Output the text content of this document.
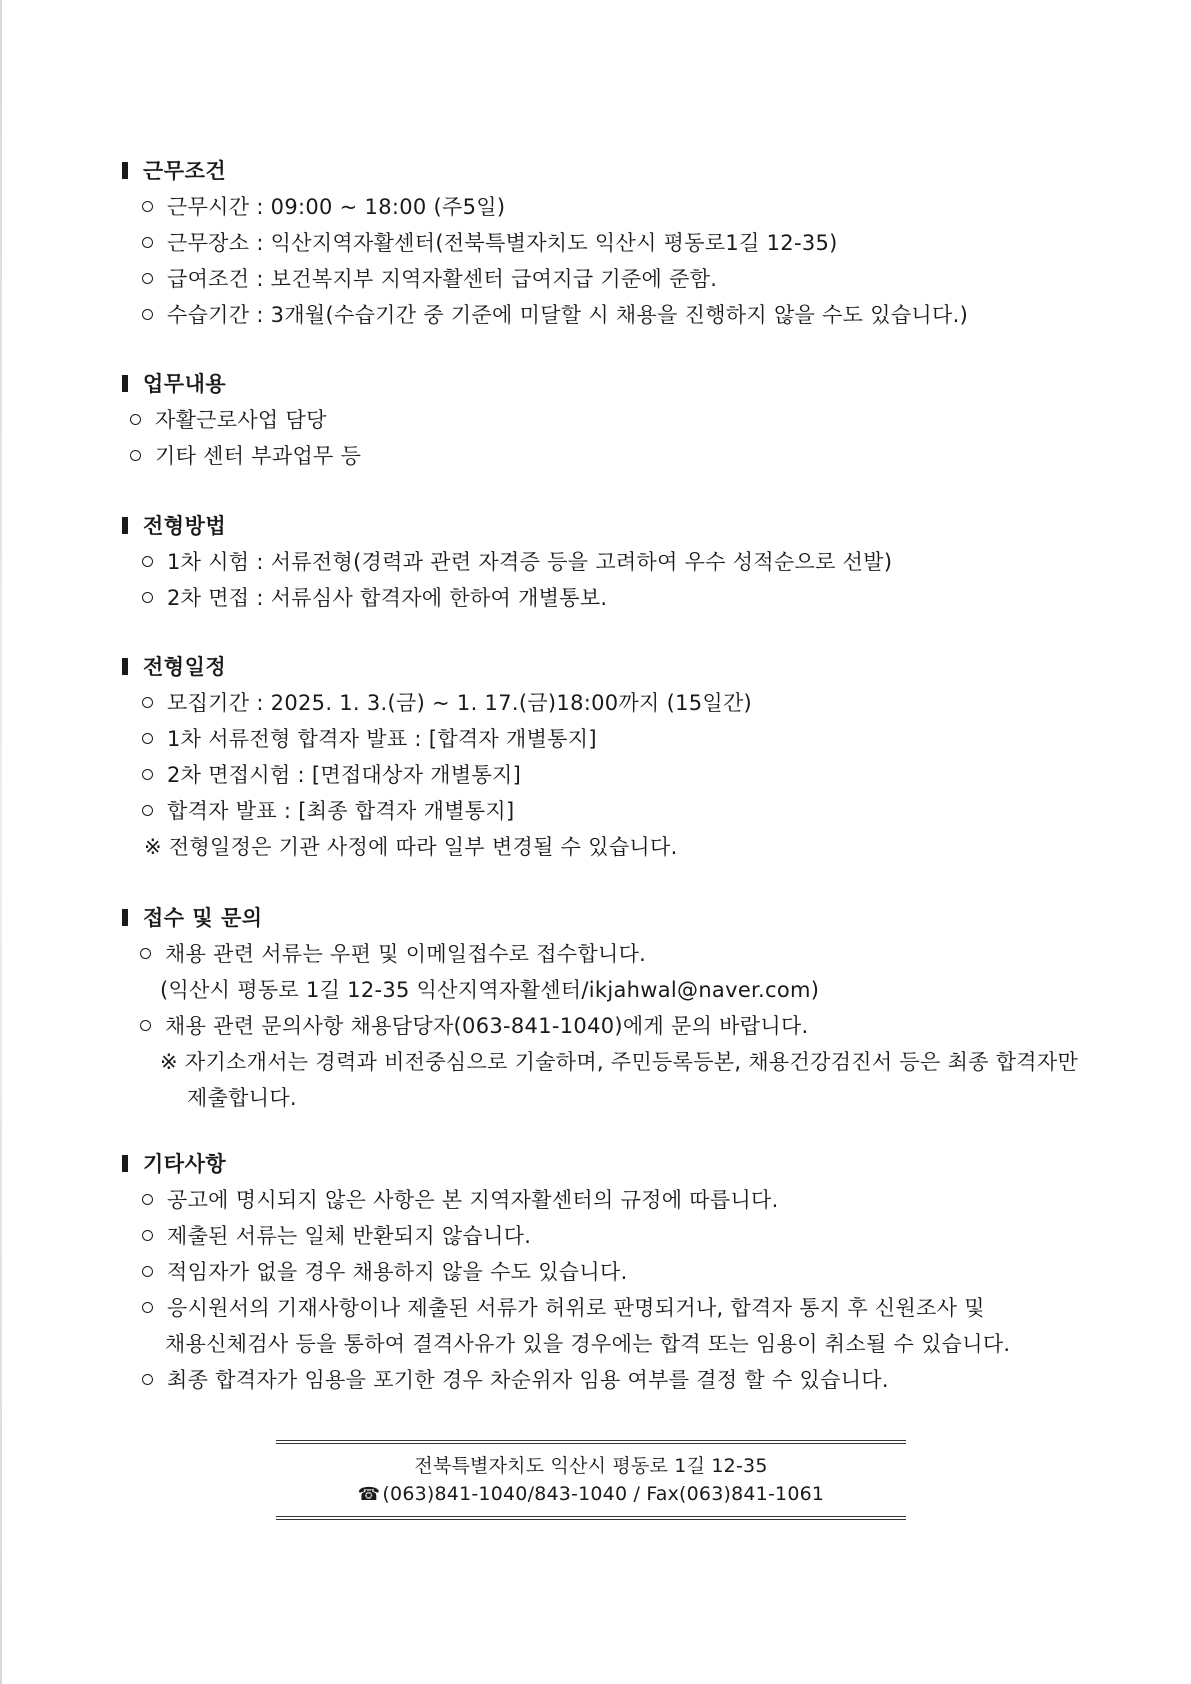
근무조건
근무시간 : 09:00 ~ 18:00 (주5일)
근무장소 : 익산지역자활센터(전북특별자치도 익산시 평동로1길 12-35)
급여조건 : 보건복지부 지역자활센터 급여지급 기준에 준함.
수습기간 : 3개월(수습기간 중 기준에 미달할 시 채용을 진행하지 않을 수도 있습니다.)
업무내용
자활근로사업 담당
기타 센터 부과업무 등
전형방법
1차 시험 : 서류전형(경력과 관련 자격증 등을 고려하여 우수 성적순으로 선발)
2차 면접 : 서류심사 합격자에 한하여 개별통보.
전형일정
모집기간 : 2025. 1. 3.(금) ~ 1. 17.(금)18:00까지 (15일간)
1차 서류전형 합격자 발표 : [합격자 개별통지]
2차 면접시험 : [면접대상자 개별통지]
합격자 발표 : [최종 합격자 개별통지]
※ 전형일정은 기관 사정에 따라 일부 변경될 수 있습니다.
접수 및 문의
채용 관련 서류는 우편 및 이메일접수로 접수합니다.
(익산시 평동로 1길 12-35 익산지역자활센터/ikjahwal@naver.com)
채용 관련 문의사항 채용담당자(063-841-1040)에게 문의 바랍니다.
※ 자기소개서는 경력과 비전중심으로 기술하며, 주민등록등본, 채용건강검진서 등은 최종 합격자만
제출합니다.
기타사항
공고에 명시되지 않은 사항은 본 지역자활센터의 규정에 따릅니다.
제출된 서류는 일체 반환되지 않습니다.
적임자가 없을 경우 채용하지 않을 수도 있습니다.
응시원서의 기재사항이나 제출된 서류가 허위로 판명되거나, 합격자 통지 후 신원조사 및
채용신체검사 등을 통하여 결격사유가 있을 경우에는 합격 또는 임용이 취소될 수 있습니다.
최종 합격자가 임용을 포기한 경우 차순위자 임용 여부를 결정 할 수 있습니다.
전북특별자치도 익산시 평동로 1길 12-35
☎ (063)841-1040/843-1040 / Fax(063)841-1061
